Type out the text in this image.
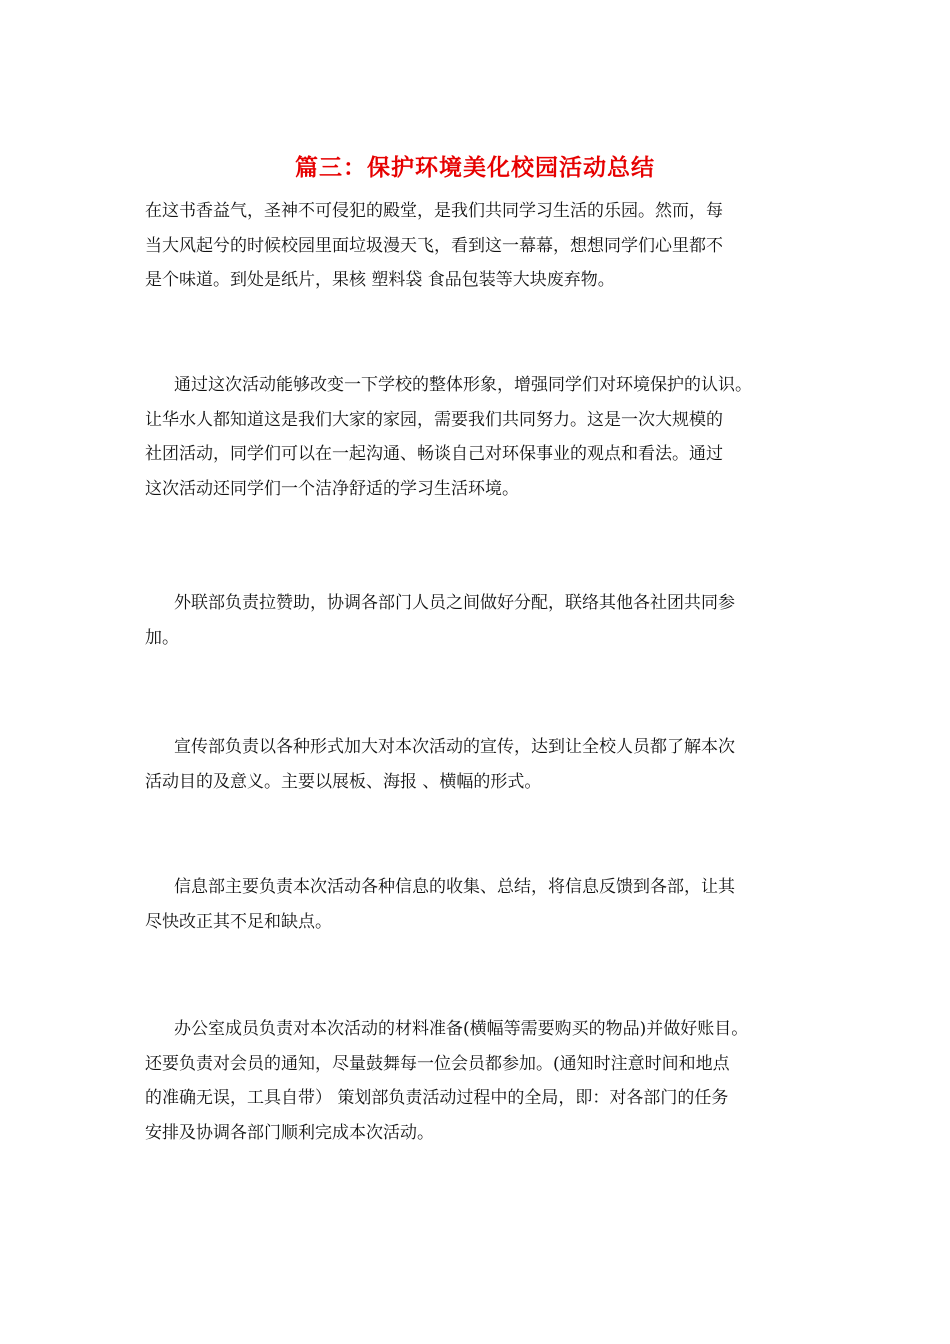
篇三：保护环境美化校园活动总结
在这书香益气，圣神不可侵犯的殿堂，是我们共同学习生活的乐园。然而，每
当大风起兮的时候校园里面垃圾漫天飞，看到这一幕幕，想想同学们心里都不
是个味道。到处是纸片，果核 塑料袋 食品包装等大块废弃物。
通过这次活动能够改变一下学校的整体形象，增强同学们对环境保护的认识。
让华水人都知道这是我们大家的家园，需要我们共同努力。这是一次大规模的
社团活动，同学们可以在一起沟通、畅谈自己对环保事业的观点和看法。通过
这次活动还同学们一个洁净舒适的学习生活环境。
外联部负责拉赞助，协调各部门人员之间做好分配，联络其他各社团共同参
加。
宣传部负责以各种形式加大对本次活动的宣传，达到让全校人员都了解本次
活动目的及意义。主要以展板、海报 、横幅的形式。
信息部主要负责本次活动各种信息的收集、总结，将信息反馈到各部，让其
尽快改正其不足和缺点。
办公室成员负责对本次活动的材料准备(横幅等需要购买的物品)并做好账目。
还要负责对会员的通知，尽量鼓舞每一位会员都参加。(通知时注意时间和地点
的准确无误，工具自带） 策划部负责活动过程中的全局，即：对各部门的任务
安排及协调各部门顺利完成本次活动。
